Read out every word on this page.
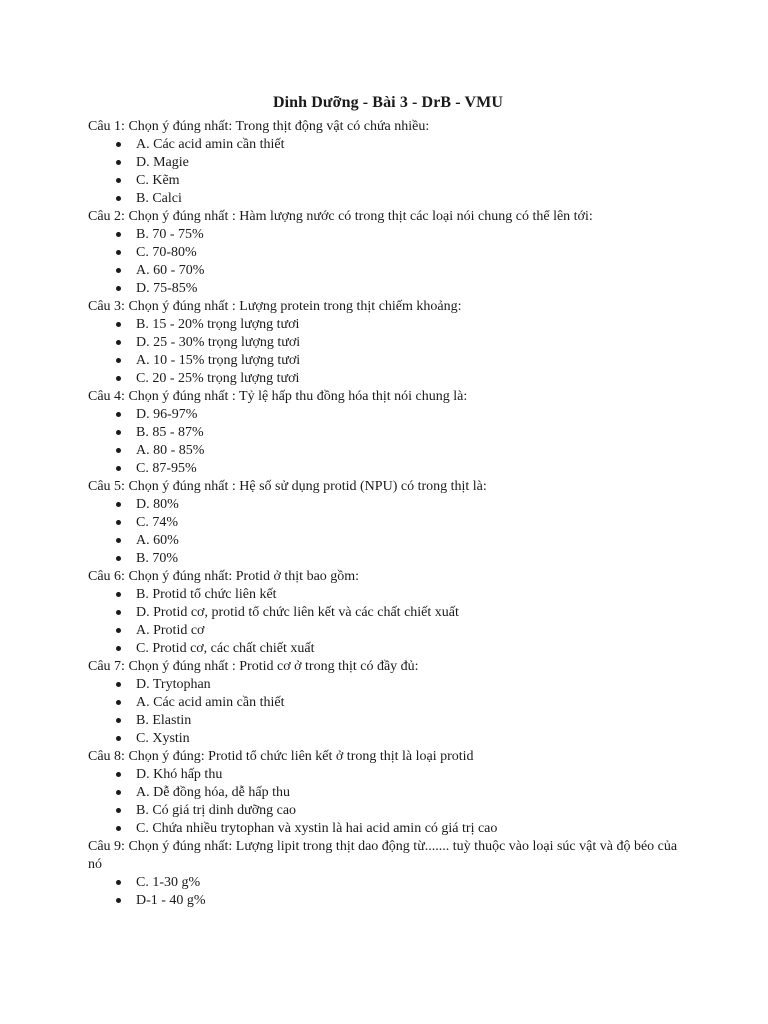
Dinh Dưỡng - Bài 3 - DrB - VMU

Câu 1: Chọn ý đúng nhất: Trong thịt động vật có chứa nhiều:

A. Các acid amin cần thiết
D. Magie
C. Kẽm
B. Calci

Câu 2: Chọn ý đúng nhất : Hàm lượng nước có trong thịt các loại nói chung có thể lên tới:

B. 70 - 75%
C. 70-80%
A. 60 - 70%
D. 75-85%

Câu 3: Chọn ý đúng nhất : Lượng protein trong thịt chiếm khoảng:

B. 15 - 20% trọng lượng tươi
D. 25 - 30% trọng lượng tươi
A. 10 - 15% trọng lượng tươi
C. 20 - 25% trọng lượng tươi

Câu 4: Chọn ý đúng nhất : Tỷ lệ hấp thu đồng hóa thịt nói chung là:

D. 96-97%
B. 85 - 87%
A. 80 - 85%
C. 87-95%

Câu 5: Chọn ý đúng nhất : Hệ số sử dụng protid (NPU) có trong thịt là:

D. 80%
C. 74%
A. 60%
B. 70%

Câu 6: Chọn ý đúng nhất: Protid ở thịt bao gồm:

B. Protid tổ chức liên kết
D. Protid cơ, protid tổ chức liên kết và các chất chiết xuất
A. Protid cơ
C. Protid cơ, các chất chiết xuất

Câu 7: Chọn ý đúng nhất : Protid cơ ở trong thịt có đầy đủ:

D. Trytophan
A. Các acid amin cần thiết
B. Elastin
C. Xystin

Câu 8: Chọn ý đúng: Protid tổ chức liên kết ở trong thịt là loại protid

D. Khó hấp thu
A. Dễ đồng hóa, dễ hấp thu
B. Có giá trị dinh dưỡng cao
C. Chứa nhiều trytophan và xystin là hai acid amin có giá trị cao

Câu 9: Chọn ý đúng nhất: Lượng lipit trong thịt dao động từ....... tuỳ thuộc vào loại súc vật và độ béo của nó

C. 1-30 g%
D-1 - 40 g%
